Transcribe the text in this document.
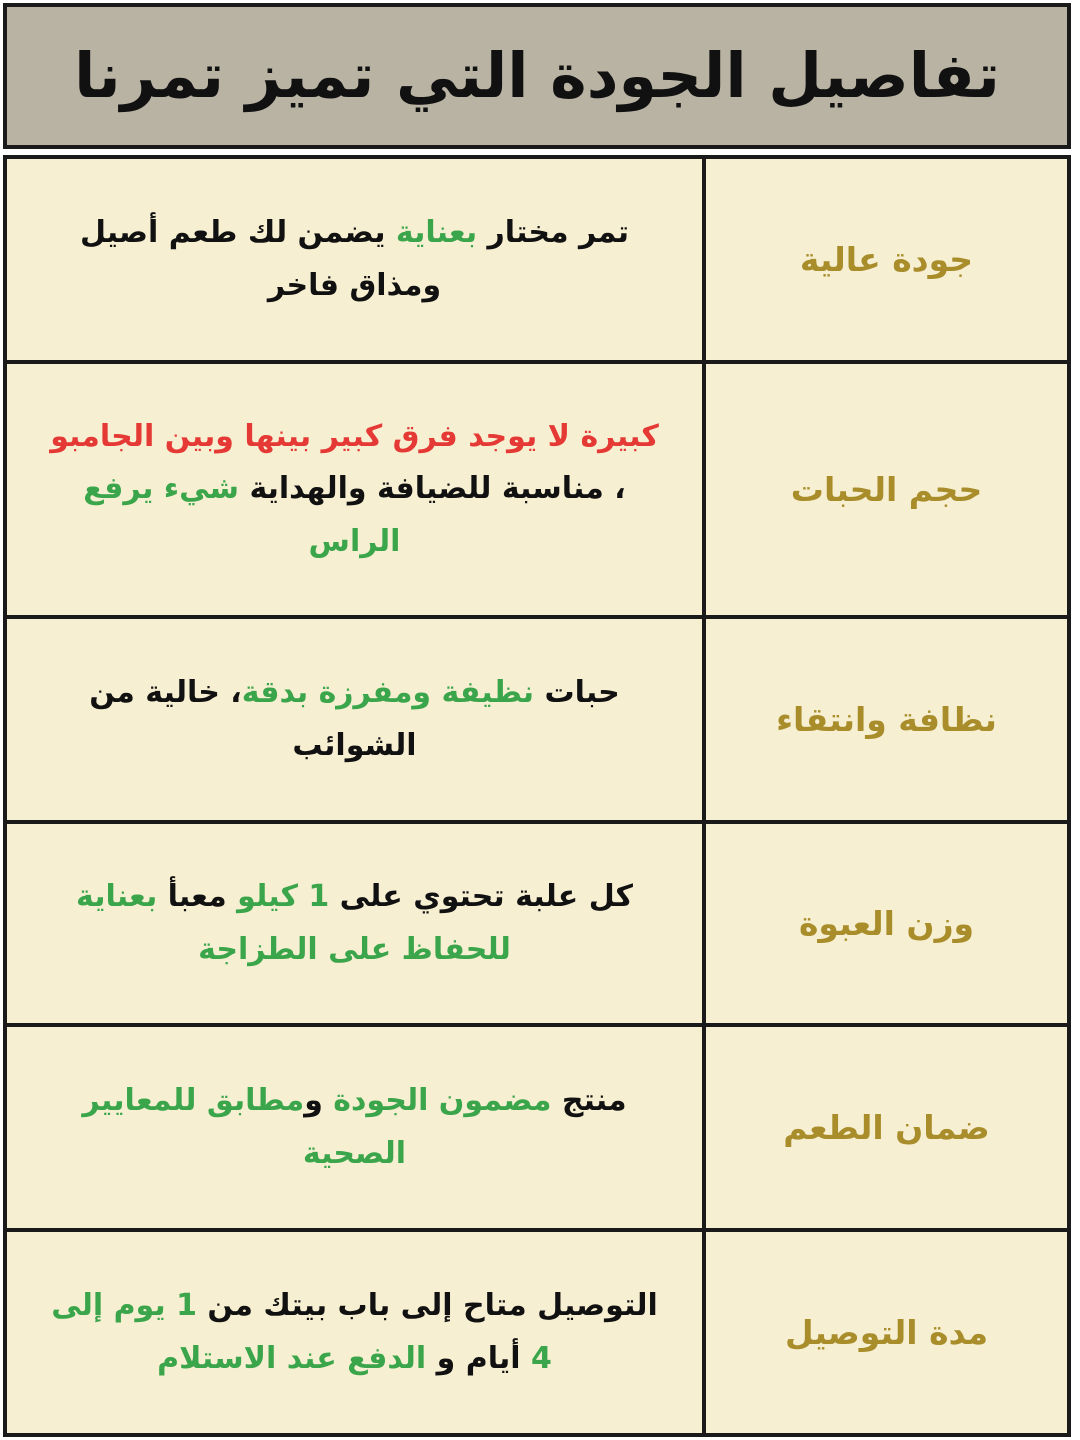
تفاصيل الجودة التي تميز تمرنا
جودة عالية
تمر مختار بعناية يضمن لك طعم أصيل ومذاق فاخر
حجم الحبات
كبيرة لا يوجد فرق كبير بينها وبين الجامبو ، مناسبة للضيافة والهداية شيء يرفع الراس
نظافة وانتقاء
حبات نظيفة ومفرزة بدقة، خالية من الشوائب
وزن العبوة
كل علبة تحتوي على 1 كيلو معبأ بعناية للحفاظ على الطزاجة
ضمان الطعم
منتج مضمون الجودة ومطابق للمعايير الصحية
مدة التوصيل
التوصيل متاح إلى باب بيتك من 1 يوم إلى 4 أيام و الدفع عند الاستلام
